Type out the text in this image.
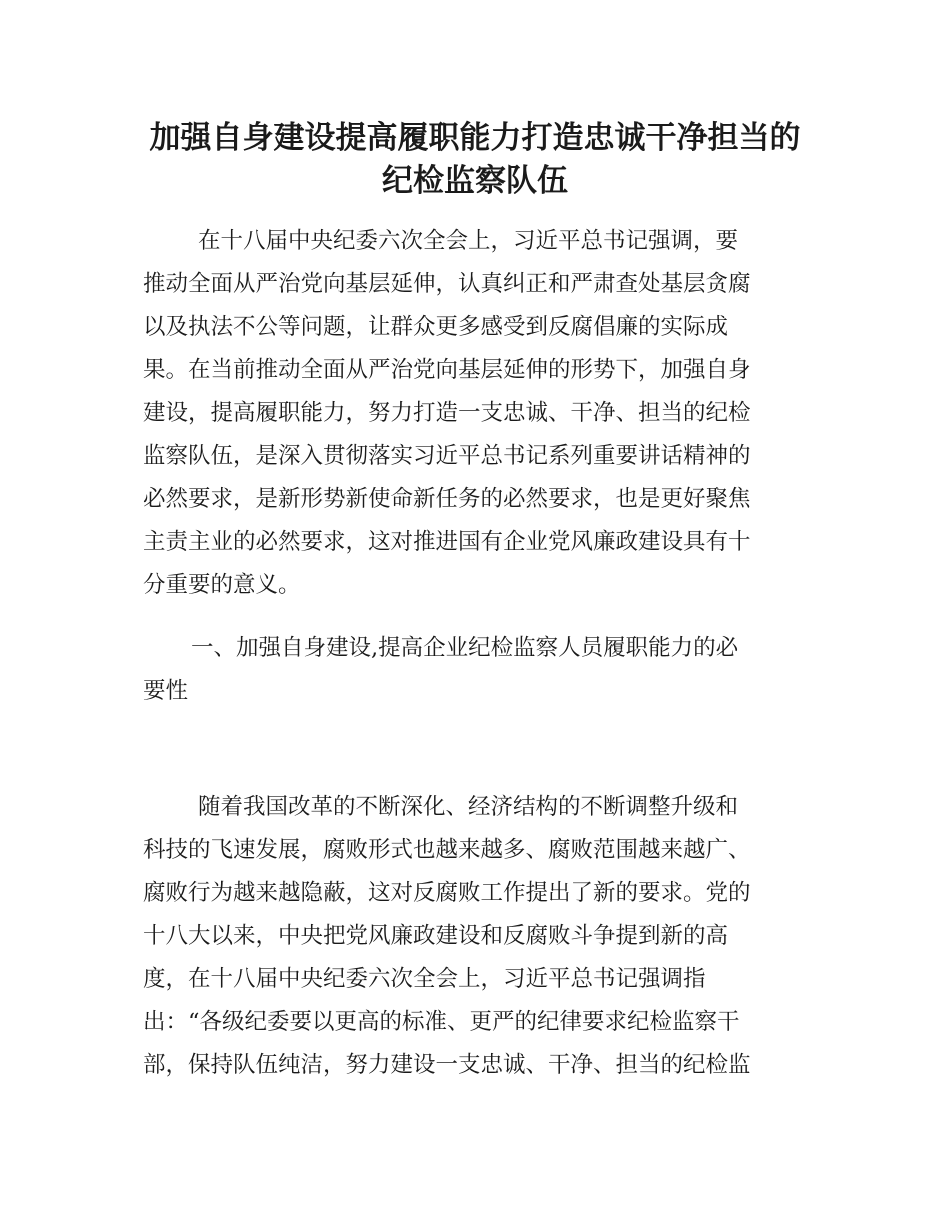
加强自身建设提高履职能力打造忠诚干净担当的
纪检监察队伍
在十八届中央纪委六次全会上，习近平总书记强调，要
推动全面从严治党向基层延伸，认真纠正和严肃查处基层贪腐
以及执法不公等问题，让群众更多感受到反腐倡廉的实际成
果。在当前推动全面从严治党向基层延伸的形势下，加强自身
建设，提高履职能力，努力打造一支忠诚、干净、担当的纪检
监察队伍，是深入贯彻落实习近平总书记系列重要讲话精神的
必然要求，是新形势新使命新任务的必然要求，也是更好聚焦
主责主业的必然要求，这对推进国有企业党风廉政建设具有十
分重要的意义。
一、加强自身建设,提高企业纪检监察人员履职能力的必
要性
随着我国改革的不断深化、经济结构的不断调整升级和
科技的飞速发展，腐败形式也越来越多、腐败范围越来越广、
腐败行为越来越隐蔽，这对反腐败工作提出了新的要求。党的
十八大以来，中央把党风廉政建设和反腐败斗争提到新的高
度，在十八届中央纪委六次全会上，习近平总书记强调指
出：“各级纪委要以更高的标准、更严的纪律要求纪检监察干
部，保持队伍纯洁，努力建设一支忠诚、干净、担当的纪检监
